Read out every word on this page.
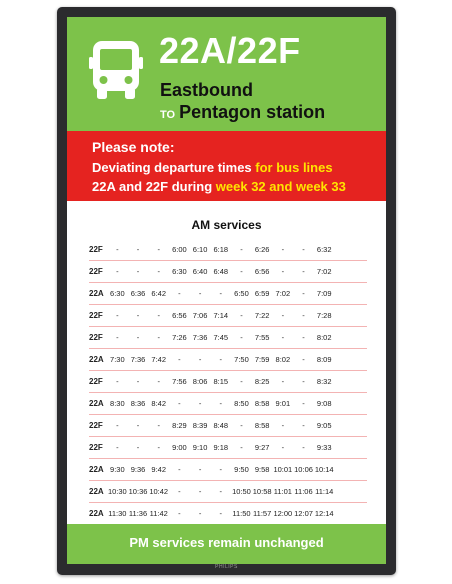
22A/22F
Eastbound
TO Pentagon station
Please note:
Deviating departure times for bus lines
22A and 22F during week 32 and week 33
AM services
22F	-	-	-	6:00 6:10 6:18	-	6:26	-	-	6:32
22F	-	-	-	6:30 6:40 6:48	-	6:56	-	-	7:02
22A 6:30 6:36 6:42	-	-	-	6:50 6:59 7:02	-	7:09
22F	-	-	-	6:56 7:06 7:14	-	7:22	-	-	7:28
22F	-	-	-	7:26 7:36 7:45	-	7:55	-	-	8:02
22A 7:30 7:36 7:42	-	-	-	7:50 7:59 8:02	-	8:09
22F	-	-	-	7:56 8:06 8:15	-	8:25	-	-	8:32
22A 8:30 8:36 8:42	-	-	-	8:50 8:58 9:01	-	9:08
22F	-	-	-	8:29 8:39 8:48	-	8:58	-	-	9:05
22F	-	-	-	9:00 9:10 9:18	-	9:27	-	-	9:33
22A 9:30 9:36 9:42	-	-	-	9:50 9:58 10:01 10:06 10:14
22A 10:30 10:36 10:42	-	-	-	10:50 10:58 11:01 11:06 11:14
22A 11:30 11:36 11:42	-	-	-	11:50 11:57 12:00 12:07 12:14
PM services remain unchanged
PHILIPS
